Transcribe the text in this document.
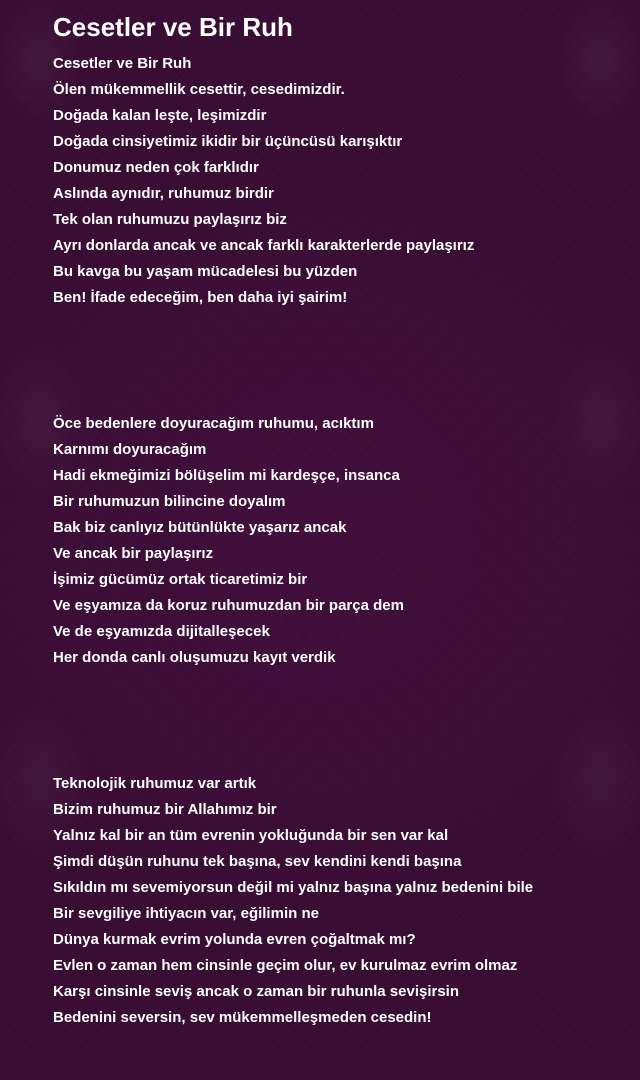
Cesetler ve Bir Ruh
Cesetler ve Bir Ruh
Ölen mükemmellik cesettir, cesedimizdir.
Doğada kalan leşte, leşimizdir
Doğada cinsiyetimiz ikidir bir üçüncüsü karışıktır
Donumuz neden çok farklıdır
Aslında aynıdır, ruhumuz birdir
Tek olan ruhumuzu paylaşırız biz
Ayrı donlarda ancak ve ancak farklı karakterlerde paylaşırız
Bu kavga bu yaşam mücadelesi bu yüzden
Ben! İfade edeceğim, ben daha iyi şairim!
Öce bedenlere doyuracağım ruhumu, acıktım
Karnımı doyuracağım
Hadi ekmeğimizi bölüşelim mi kardeşçe, insanca
Bir ruhumuzun bilincine doyalım
Bak biz canlıyız bütünlükte yaşarız ancak
Ve ancak bir paylaşırız
İşimiz gücümüz ortak ticaretimiz bir
Ve eşyamıza da koruz ruhumuzdan bir parça dem
Ve de eşyamızda dijitalleşecek
Her donda canlı oluşumuzu kayıt verdik
Teknolojik ruhumuz var artık
Bizim ruhumuz bir Allahımız bir
Yalnız kal bir an tüm evrenin yokluğunda bir sen var kal
Şimdi düşün ruhunu tek başına, sev kendini kendi başına
Sıkıldın mı sevemiyorsun değil mi yalnız başına yalnız bedenini bile
Bir sevgiliye ihtiyacın var, eğilimin ne
Dünya kurmak evrim yolunda evren çoğaltmak mı?
Evlen o zaman hem cinsinle geçim olur, ev kurulmaz evrim olmaz
Karşı cinsinle seviş ancak o zaman bir ruhunla sevişirsin
Bedenini seversin, sev mükemmelleşmeden cesedin!
